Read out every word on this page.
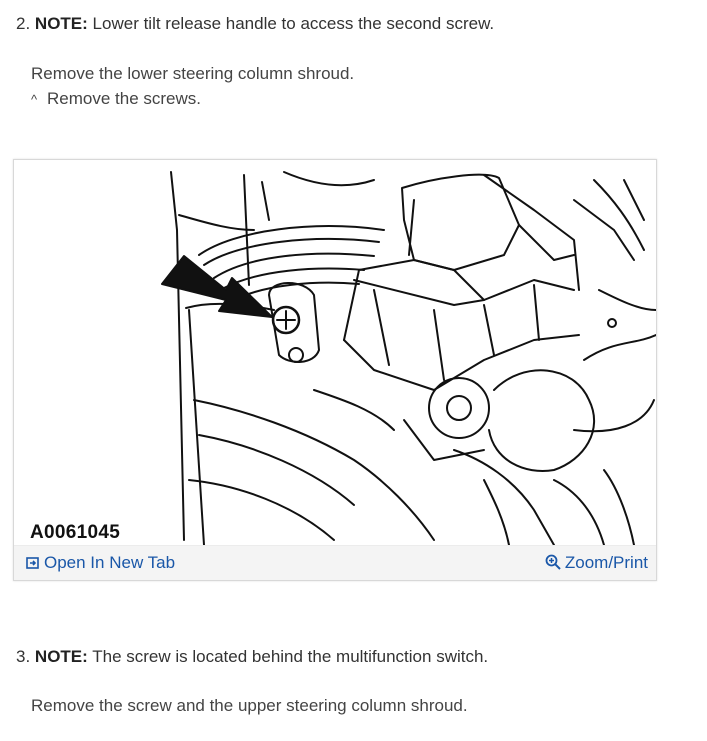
2. NOTE: Lower tilt release handle to access the second screw.
Remove the lower steering column shroud.
^ Remove the screws.
A0061045
Open In New Tab	Zoom/Print
3. NOTE: The screw is located behind the multifunction switch.
Remove the screw and the upper steering column shroud.
